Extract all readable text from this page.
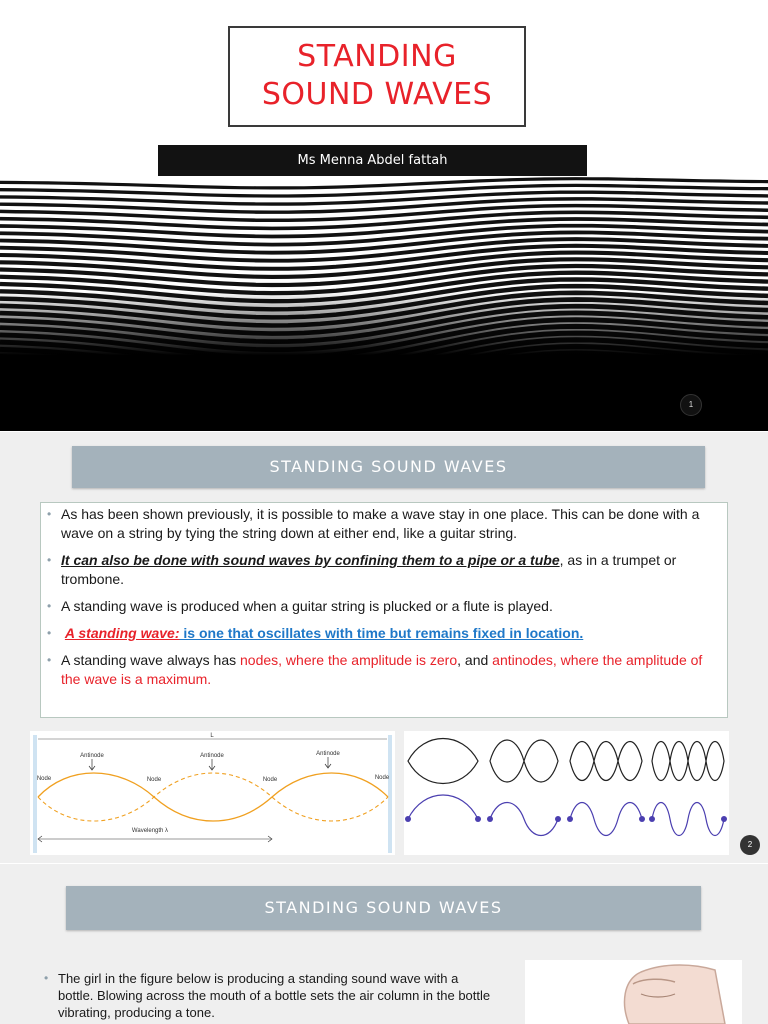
STANDING
SOUND WAVES
Ms Menna Abdel fattah
1
STANDING SOUND WAVES
• As has been shown previously, it is possible to make a wave stay in one place. This can be done with a wave on a string by tying the string down at either end, like a guitar string.
• It can also be done with sound waves by confining them to a pipe or a tube, as in a trumpet or trombone.
• A standing wave is produced when a guitar string is plucked or a flute is played.
• A standing wave: is one that oscillates with time but remains fixed in location.
• A standing wave always has nodes, where the amplitude is zero, and antinodes, where the amplitude of the wave is a maximum.
L
Antinode	Antinode	Antinode
Node	Node	Node	Node
Wavelength λ
2
STANDING SOUND WAVES
• The girl in the figure below is producing a standing sound wave with a bottle. Blowing across the mouth of a bottle sets the air column in the bottle vibrating, producing a tone.
